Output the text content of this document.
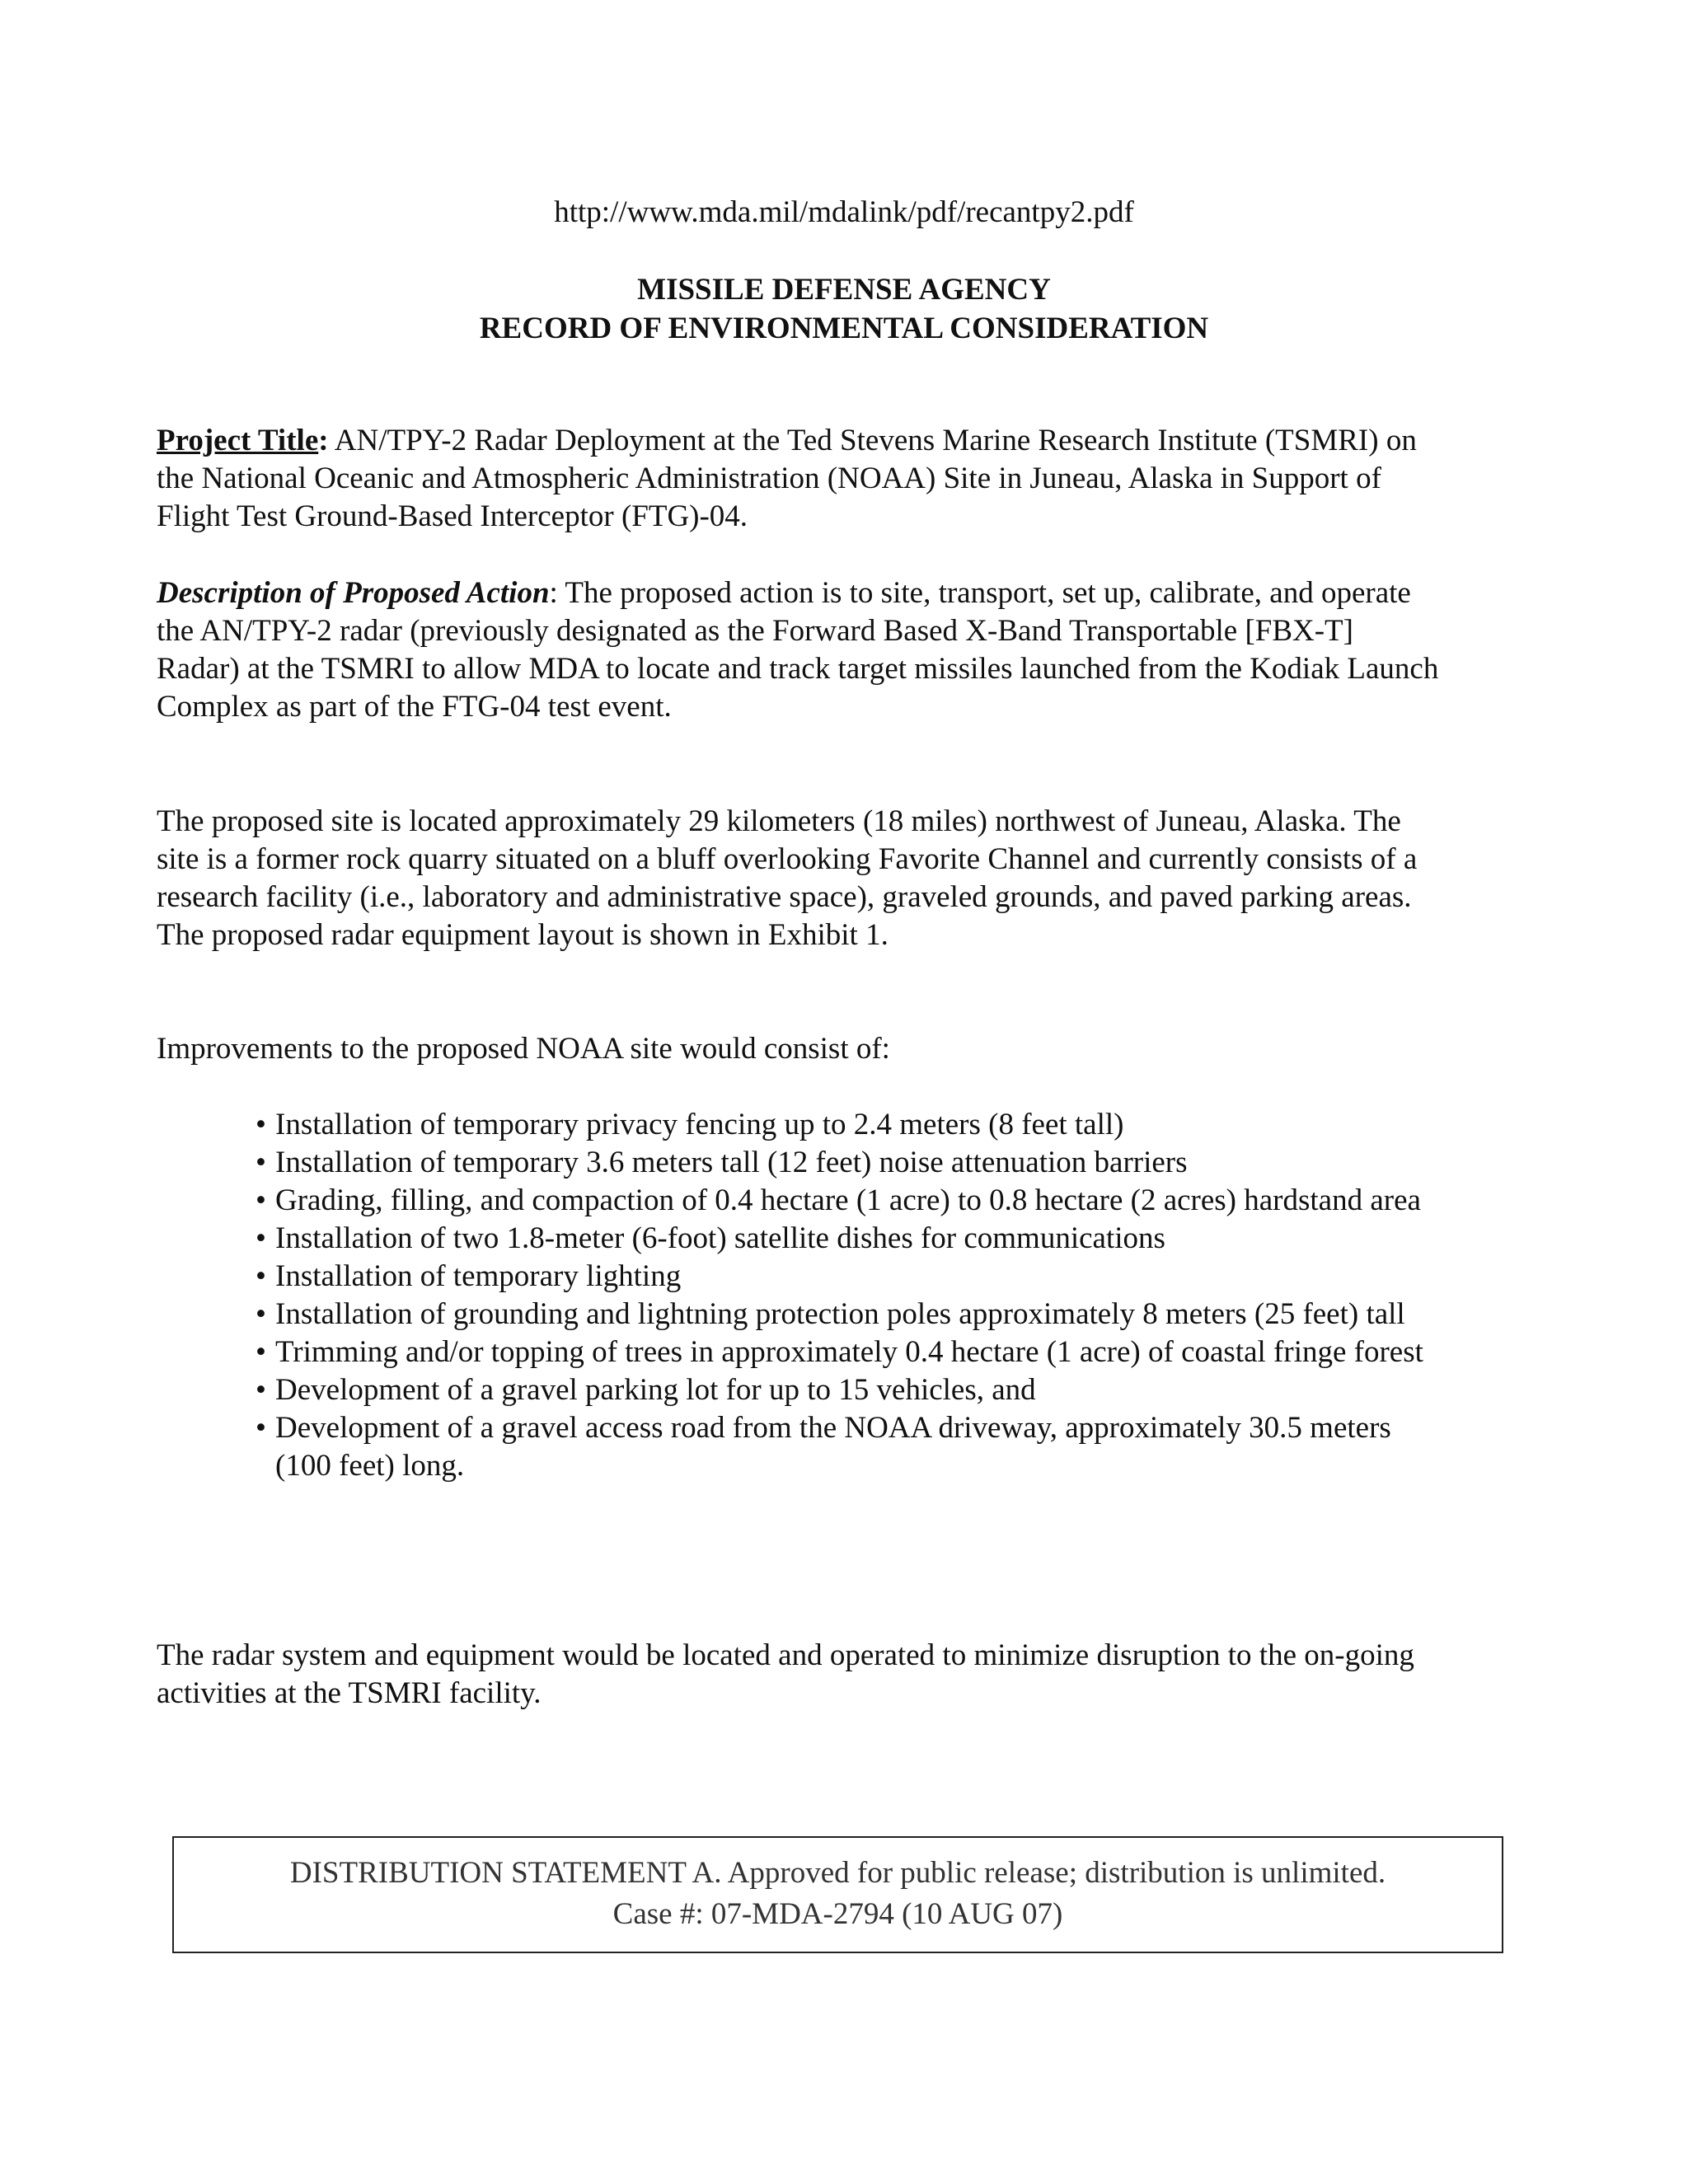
http://www.mda.mil/mdalink/pdf/recantpy2.pdf
MISSILE DEFENSE AGENCY
RECORD OF ENVIRONMENTAL CONSIDERATION
Project Title: AN/TPY-2 Radar Deployment at the Ted Stevens Marine Research Institute (TSMRI) on the National Oceanic and Atmospheric Administration (NOAA) Site in Juneau, Alaska in Support of Flight Test Ground-Based Interceptor (FTG)-04.
Description of Proposed Action: The proposed action is to site, transport, set up, calibrate, and operate the AN/TPY-2 radar (previously designated as the Forward Based X-Band Transportable [FBX-T] Radar) at the TSMRI to allow MDA to locate and track target missiles launched from the Kodiak Launch Complex as part of the FTG-04 test event.
The proposed site is located approximately 29 kilometers (18 miles) northwest of Juneau, Alaska. The site is a former rock quarry situated on a bluff overlooking Favorite Channel and currently consists of a research facility (i.e., laboratory and administrative space), graveled grounds, and paved parking areas. The proposed radar equipment layout is shown in Exhibit 1.
Improvements to the proposed NOAA site would consist of:
• Installation of temporary privacy fencing up to 2.4 meters (8 feet tall)
• Installation of temporary 3.6 meters tall (12 feet) noise attenuation barriers
• Grading, filling, and compaction of 0.4 hectare (1 acre) to 0.8 hectare (2 acres) hardstand area
• Installation of two 1.8-meter (6-foot) satellite dishes for communications
• Installation of temporary lighting
• Installation of grounding and lightning protection poles approximately 8 meters (25 feet) tall
• Trimming and/or topping of trees in approximately 0.4 hectare (1 acre) of coastal fringe forest
• Development of a gravel parking lot for up to 15 vehicles, and
• Development of a gravel access road from the NOAA driveway, approximately 30.5 meters (100 feet) long.
The radar system and equipment would be located and operated to minimize disruption to the on-going activities at the TSMRI facility.
DISTRIBUTION STATEMENT A. Approved for public release; distribution is unlimited.
Case #: 07-MDA-2794 (10 AUG 07)
